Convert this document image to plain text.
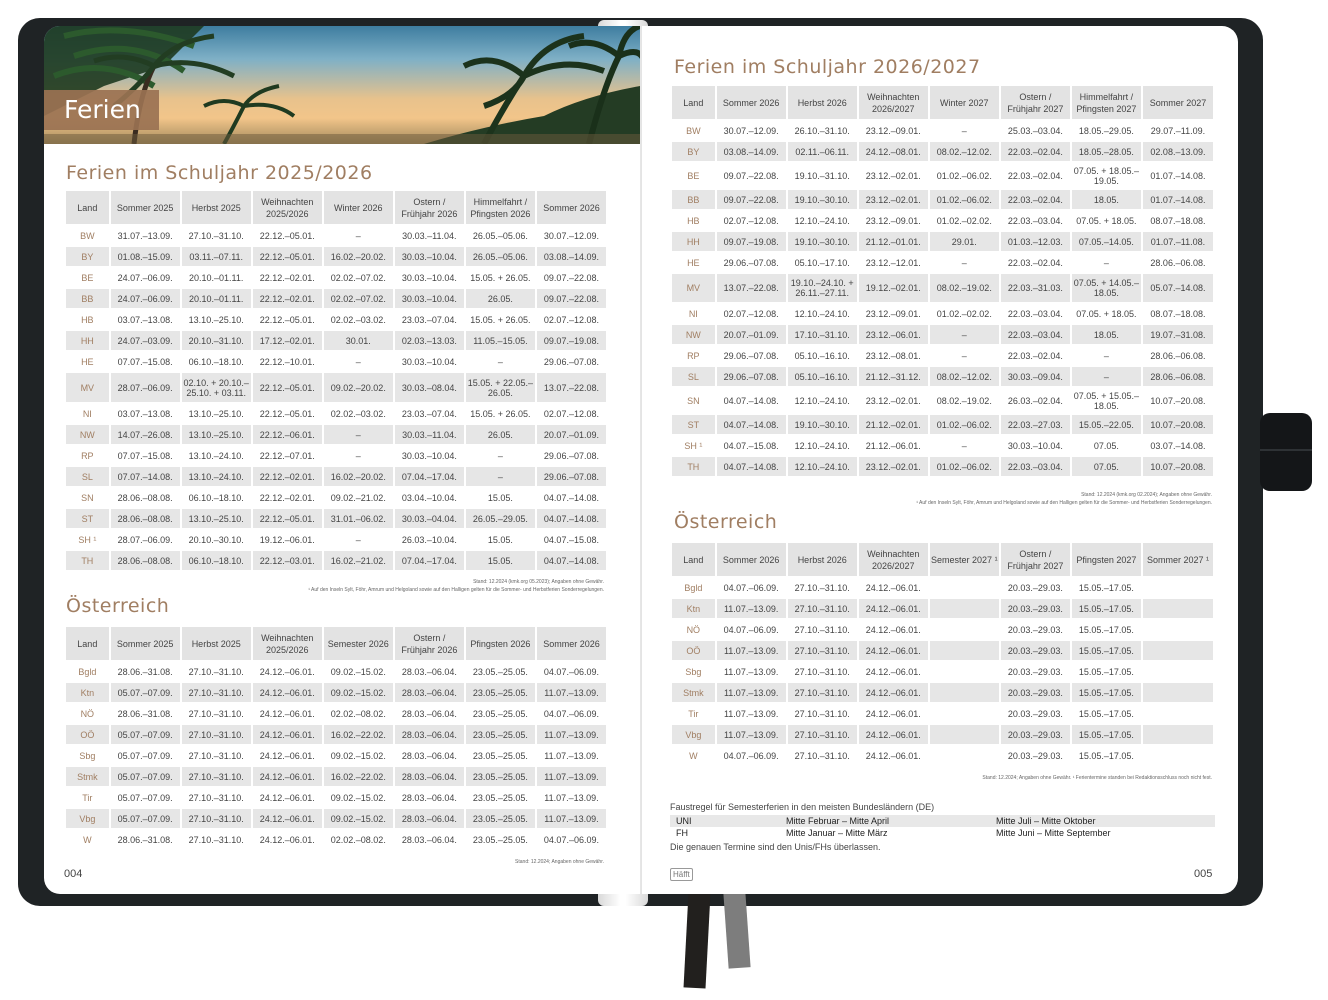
Ferien
Ferien im Schuljahr 2025/2026
Land	Sommer 2025	Herbst 2025	Weihnachten 2025/2026	Winter 2026	Ostern / Frühjahr 2026	Himmelfahrt / Pfingsten 2026	Sommer 2026
BW	31.07.–13.09.	27.10.–31.10.	22.12.–05.01.	–	30.03.–11.04.	26.05.–05.06.	30.07.–12.09.
BY	01.08.–15.09.	03.11.–07.11.	22.12.–05.01.	16.02.–20.02.	30.03.–10.04.	26.05.–05.06.	03.08.–14.09.
BE	24.07.–06.09.	20.10.–01.11.	22.12.–02.01.	02.02.–07.02.	30.03.–10.04.	15.05. + 26.05.	09.07.–22.08.
BB	24.07.–06.09.	20.10.–01.11.	22.12.–02.01.	02.02.–07.02.	30.03.–10.04.	26.05.	09.07.–22.08.
HB	03.07.–13.08.	13.10.–25.10.	22.12.–05.01.	02.02.–03.02.	23.03.–07.04.	15.05. + 26.05.	02.07.–12.08.
HH	24.07.–03.09.	20.10.–31.10.	17.12.–02.01.	30.01.	02.03.–13.03.	11.05.–15.05.	09.07.–19.08.
HE	07.07.–15.08.	06.10.–18.10.	22.12.–10.01.	–	30.03.–10.04.	–	29.06.–07.08.
MV	28.07.–06.09.	02.10. + 20.10.– 25.10. + 03.11.	22.12.–05.01.	09.02.–20.02.	30.03.–08.04.	15.05. + 22.05.–26.05.	13.07.–22.08.
NI	03.07.–13.08.	13.10.–25.10.	22.12.–05.01.	02.02.–03.02.	23.03.–07.04.	15.05. + 26.05.	02.07.–12.08.
NW	14.07.–26.08.	13.10.–25.10.	22.12.–06.01.	–	30.03.–11.04.	26.05.	20.07.–01.09.
RP	07.07.–15.08.	13.10.–24.10.	22.12.–07.01.	–	30.03.–10.04.	–	29.06.–07.08.
SL	07.07.–14.08.	13.10.–24.10.	22.12.–02.01.	16.02.–20.02.	07.04.–17.04.	–	29.06.–07.08.
SN	28.06.–08.08.	06.10.–18.10.	22.12.–02.01.	09.02.–21.02.	03.04.–10.04.	15.05.	04.07.–14.08.
ST	28.06.–08.08.	13.10.–25.10.	22.12.–05.01.	31.01.–06.02.	30.03.–04.04.	26.05.–29.05.	04.07.–14.08.
SH ¹	28.07.–06.09.	20.10.–30.10.	19.12.–06.01.	–	26.03.–10.04.	15.05.	04.07.–15.08.
TH	28.06.–08.08.	06.10.–18.10.	22.12.–03.01.	16.02.–21.02.	07.04.–17.04.	15.05.	04.07.–14.08.
Stand: 12.2024 (kmk.org 05.2023); Angaben ohne Gewähr.
¹ Auf den Inseln Sylt, Föhr, Amrum und Helgoland sowie auf den Halligen gelten für die Sommer- und Herbstferien Sonderregelungen.
Österreich
Land	Sommer 2025	Herbst 2025	Weihnachten 2025/2026	Semester 2026	Ostern / Frühjahr 2026	Pfingsten 2026	Sommer 2026
Bgld	28.06.–31.08.	27.10.–31.10.	24.12.–06.01.	09.02.–15.02.	28.03.–06.04.	23.05.–25.05.	04.07.–06.09.
Ktn	05.07.–07.09.	27.10.–31.10.	24.12.–06.01.	09.02.–15.02.	28.03.–06.04.	23.05.–25.05.	11.07.–13.09.
NÖ	28.06.–31.08.	27.10.–31.10.	24.12.–06.01.	02.02.–08.02.	28.03.–06.04.	23.05.–25.05.	04.07.–06.09.
OÖ	05.07.–07.09.	27.10.–31.10.	24.12.–06.01.	16.02.–22.02.	28.03.–06.04.	23.05.–25.05.	11.07.–13.09.
Sbg	05.07.–07.09.	27.10.–31.10.	24.12.–06.01.	09.02.–15.02.	28.03.–06.04.	23.05.–25.05.	11.07.–13.09.
Stmk	05.07.–07.09.	27.10.–31.10.	24.12.–06.01.	16.02.–22.02.	28.03.–06.04.	23.05.–25.05.	11.07.–13.09.
Tir	05.07.–07.09.	27.10.–31.10.	24.12.–06.01.	09.02.–15.02.	28.03.–06.04.	23.05.–25.05.	11.07.–13.09.
Vbg	05.07.–07.09.	27.10.–31.10.	24.12.–06.01.	09.02.–15.02.	28.03.–06.04.	23.05.–25.05.	11.07.–13.09.
W	28.06.–31.08.	27.10.–31.10.	24.12.–06.01.	02.02.–08.02.	28.03.–06.04.	23.05.–25.05.	04.07.–06.09.
Stand: 12.2024; Angaben ohne Gewähr.
004
Ferien im Schuljahr 2026/2027
Land	Sommer 2026	Herbst 2026	Weihnachten 2026/2027	Winter 2027	Ostern / Frühjahr 2027	Himmelfahrt / Pfingsten 2027	Sommer 2027
BW	30.07.–12.09.	26.10.–31.10.	23.12.–09.01.	–	25.03.–03.04.	18.05.–29.05.	29.07.–11.09.
BY	03.08.–14.09.	02.11.–06.11.	24.12.–08.01.	08.02.–12.02.	22.03.–02.04.	18.05.–28.05.	02.08.–13.09.
BE	09.07.–22.08.	19.10.–31.10.	23.12.–02.01.	01.02.–06.02.	22.03.–02.04.	07.05. + 18.05.–19.05.	01.07.–14.08.
BB	09.07.–22.08.	19.10.–30.10.	23.12.–02.01.	01.02.–06.02.	22.03.–02.04.	18.05.	01.07.–14.08.
HB	02.07.–12.08.	12.10.–24.10.	23.12.–09.01.	01.02.–02.02.	22.03.–03.04.	07.05. + 18.05.	08.07.–18.08.
HH	09.07.–19.08.	19.10.–30.10.	21.12.–01.01.	29.01.	01.03.–12.03.	07.05.–14.05.	01.07.–11.08.
HE	29.06.–07.08.	05.10.–17.10.	23.12.–12.01.	–	22.03.–02.04.	–	28.06.–06.08.
MV	13.07.–22.08.	19.10.–24.10. + 26.11.–27.11.	19.12.–02.01.	08.02.–19.02.	22.03.–31.03.	07.05. + 14.05.–18.05.	05.07.–14.08.
NI	02.07.–12.08.	12.10.–24.10.	23.12.–09.01.	01.02.–02.02.	22.03.–03.04.	07.05. + 18.05.	08.07.–18.08.
NW	20.07.–01.09.	17.10.–31.10.	23.12.–06.01.	–	22.03.–03.04.	18.05.	19.07.–31.08.
RP	29.06.–07.08.	05.10.–16.10.	23.12.–08.01.	–	22.03.–02.04.	–	28.06.–06.08.
SL	29.06.–07.08.	05.10.–16.10.	21.12.–31.12.	08.02.–12.02.	30.03.–09.04.	–	28.06.–06.08.
SN	04.07.–14.08.	12.10.–24.10.	23.12.–02.01.	08.02.–19.02.	26.03.–02.04.	07.05. + 15.05.–18.05.	10.07.–20.08.
ST	04.07.–14.08.	19.10.–30.10.	21.12.–02.01.	01.02.–06.02.	22.03.–27.03.	15.05.–22.05.	10.07.–20.08.
SH ¹	04.07.–15.08.	12.10.–24.10.	21.12.–06.01.	–	30.03.–10.04.	07.05.	03.07.–14.08.
TH	04.07.–14.08.	12.10.–24.10.	23.12.–02.01.	01.02.–06.02.	22.03.–03.04.	07.05.	10.07.–20.08.
Stand: 12.2024 (kmk.org 02.2024); Angaben ohne Gewähr.
¹ Auf den Inseln Sylt, Föhr, Amrum und Helgoland sowie auf den Halligen gelten für die Sommer- und Herbstferien Sonderregelungen.
Österreich
Land	Sommer 2026	Herbst 2026	Weihnachten 2026/2027	Semester 2027 ¹	Ostern / Frühjahr 2027	Pfingsten 2027	Sommer 2027 ¹
Bgld	04.07.–06.09.	27.10.–31.10.	24.12.–06.01.		20.03.–29.03.	15.05.–17.05.	
Ktn	11.07.–13.09.	27.10.–31.10.	24.12.–06.01.		20.03.–29.03.	15.05.–17.05.	
NÖ	04.07.–06.09.	27.10.–31.10.	24.12.–06.01.		20.03.–29.03.	15.05.–17.05.	
OÖ	11.07.–13.09.	27.10.–31.10.	24.12.–06.01.		20.03.–29.03.	15.05.–17.05.	
Sbg	11.07.–13.09.	27.10.–31.10.	24.12.–06.01.		20.03.–29.03.	15.05.–17.05.	
Stmk	11.07.–13.09.	27.10.–31.10.	24.12.–06.01.		20.03.–29.03.	15.05.–17.05.	
Tir	11.07.–13.09.	27.10.–31.10.	24.12.–06.01.		20.03.–29.03.	15.05.–17.05.	
Vbg	11.07.–13.09.	27.10.–31.10.	24.12.–06.01.		20.03.–29.03.	15.05.–17.05.	
W	04.07.–06.09.	27.10.–31.10.	24.12.–06.01.		20.03.–29.03.	15.05.–17.05.	
Stand: 12.2024; Angaben ohne Gewähr. ¹ Ferientermine standen bei Redaktionsschluss noch nicht fest.
Faustregel für Semesterferien in den meisten Bundesländern (DE)
UNI	Mitte Februar – Mitte April	Mitte Juli – Mitte Oktober
FH	Mitte Januar – Mitte März	Mitte Juni – Mitte September
Die genauen Termine sind den Unis/FHs überlassen.
Häfft	005
